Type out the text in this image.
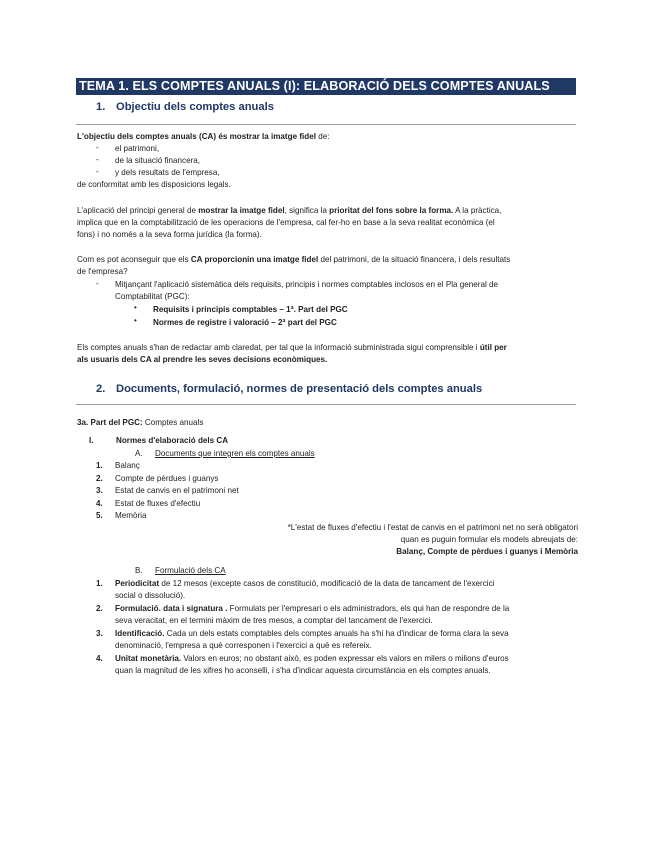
TEMA 1. ELS COMPTES ANUALS (I): ELABORACIÓ DELS COMPTES ANUALS
1. Objectiu dels comptes anuals
L'objectiu dels comptes anuals (CA) és mostrar la imatge fidel de:
- el patrimoni,
- de la situació financera,
- y dels resultats de l'empresa,
de conformitat amb les disposicions legals.
L'aplicació del principi general de mostrar la imatge fidel, significa la prioritat del fons sobre la forma. A la pràctica,
implica que en la comptabilització de les operacions de l'empresa, cal fer-ho en base a la seva realitat econòmica (el
fons) i no només a la seva forma jurídica (la forma).
Com es pot aconseguir que els CA proporcionin una imatge fidel del patrimoni, de la situació financera, i dels resultats
de l'empresa?
- Mitjançant l'aplicació sistemàtica dels requisits, principis i normes comptables inclosos en el Pla general de
Comptabilitat (PGC):
• Requisits i principis comptables – 1ª. Part del PGC
• Normes de registre i valoració – 2ª part del PGC
Els comptes anuals s'han de redactar amb claredat, per tal que la informació subministrada sigui comprensible i útil per
als usuaris dels CA al prendre les seves decisions econòmiques.
2. Documents, formulació, normes de presentació dels comptes anuals
3a. Part del PGC: Comptes anuals
I.	Normes d'elaboració dels CA
A. Documents que integren els comptes anuals
1. Balanç
2. Compte de pèrdues i guanys
3. Estat de canvis en el patrimoni net
4. Estat de fluxes d'efectiu
5. Memòria
*L'estat de fluxes d'efectiu i l'estat de canvis en el patrimoni net no serà obligatori
quan es puguin formular els models abreujats de:
Balanç, Compte de pèrdues i guanys i Memòria
B. Formulació dels CA
1. Periodicitat de 12 mesos (excepte casos de constitució, modificació de la data de tancament de l'exercici
social o dissolució).
2. Formulació. data i signatura . Formulats per l'empresari o els administradors, els qui han de respondre de la
seva veracitat, en el termini màxim de tres mesos, a comptar del tancament de l'exercici.
3. Identificació. Cada un dels estats comptables dels comptes anuals ha s'hi ha d'indicar de forma clara la seva
denominació, l'empresa a què corresponen i l'exercici a què es refereix.
4. Unitat monetària. Valors en euros; no obstant això, es poden expressar els valors en milers o milions d'euros
quan la magnitud de les xifres ho aconselli, i s'ha d'indicar aquesta circumstància en els comptes anuals.
